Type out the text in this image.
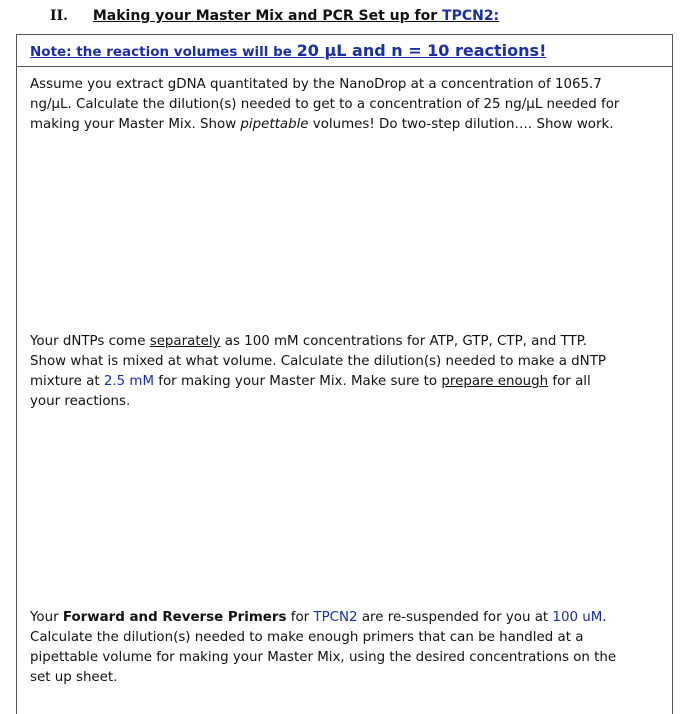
II. Making your Master Mix and PCR Set up for TPCN2:
Note: the reaction volumes will be 20 µL and n = 10 reactions!
Assume you extract gDNA quantitated by the NanoDrop at a concentration of 1065.7
ng/µL. Calculate the dilution(s) needed to get to a concentration of 25 ng/µL needed for
making your Master Mix. Show pipettable volumes! Do two-step dilution…. Show work.
Your dNTPs come separately as 100 mM concentrations for ATP, GTP, CTP, and TTP.
Show what is mixed at what volume. Calculate the dilution(s) needed to make a dNTP
mixture at 2.5 mM for making your Master Mix. Make sure to prepare enough for all
your reactions.
Your Forward and Reverse Primers for TPCN2 are re-suspended for you at 100 uM.
Calculate the dilution(s) needed to make enough primers that can be handled at a
pipettable volume for making your Master Mix, using the desired concentrations on the
set up sheet.
